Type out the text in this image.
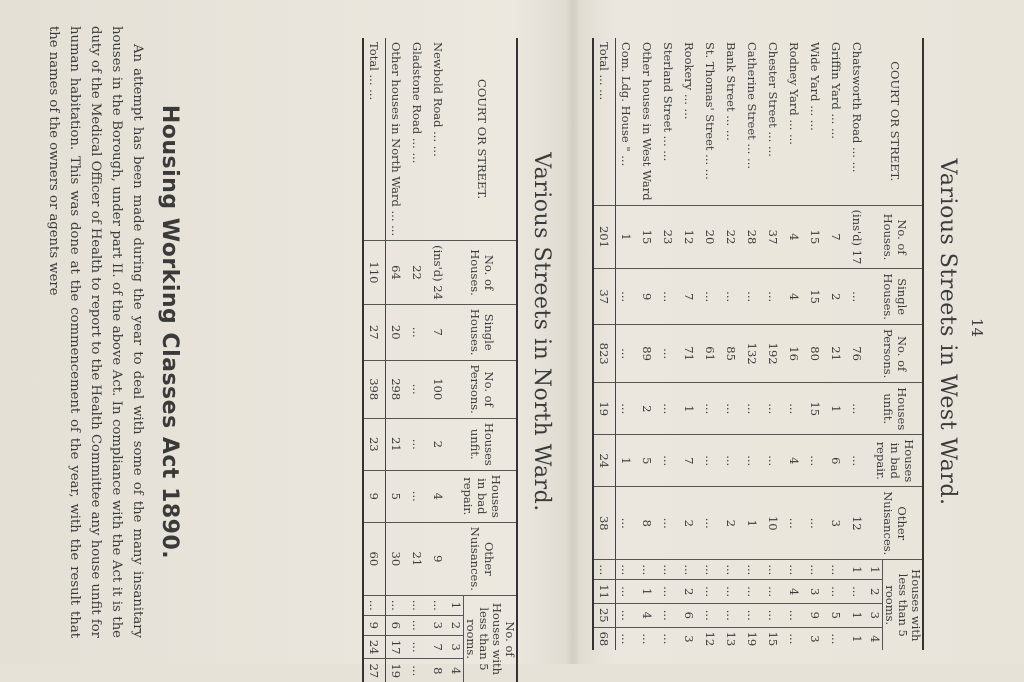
14
Various Streets in West Ward.
COURT OR STREET.	No. of Houses.	Single Houses.	No. of Persons.	Houses unfit.	Houses in bad repair.	Other Nuisances.	Houses with less than 5 rooms.			
							1	2	3	4
Chatsworth Road ... ...	(ins'd) 17	...	76	...	...	12	1	...	1	1
Griffin Yard ... ...	7	2	21	1	6	3	...	...	5	...
Wide Yard ... ...	15	15	80	15	...	...	...	3	9	3
Rodney Yard ... ...	4	4	16	...	4	...	...	4	...	...
Chester Street ... ...	37	...	192	...	...	10	...	...	...	15
Catherine Street ... ...	28	...	132	...	...	1	...	...	...	19
Bank Street ... ...	22	...	85	...	...	2	...	...	...	13
St. Thomas' Street ... ...	20	...	61	...	...	...	...	...	...	12
Rookery ... ...	12	7	71	1	7	2	...	2	6	3
Sterland Street ... ...	23	...	...	...	...	...	...	...	...	...
Other houses in West Ward	15	9	89	2	5	8	...	1	4	...
Com. Ldg. House " ...	1	...	...	...	1	...	...	...	...	...
Total ... ...	201	37	823	19	24	38	...	11	25	68
Various Streets in North Ward.
COURT OR STREET.	No. of Houses.	Single Houses.	No. of Persons.	Houses unfit.	Houses in bad repair.	Other Nuisances.	No. of Houses with less than 5 rooms.			
							1	2	3	4
Newbold Road ... ...	(ins'd) 24	7	100	2	4	9	...	3	7	8
Gladstone Road ... ...	22	...	...	...	...	21	...	...	...	...
Other houses in North Ward ... ...	64	20	298	21	5	30	...	6	17	19
Total ... ...	110	27	398	23	9	60	...	9	24	27
Housing Working Classes Act 1890.

An attempt has been made during the year to deal with some of the many insanitary houses in the Borough, under part II. of the above Act. In compliance with the Act it is the duty of the Medical Officer of Health to report to the Health Committee any house unfit for human habitation. This was done at the commencement of the year, with the result that the names of the owners or agents were
